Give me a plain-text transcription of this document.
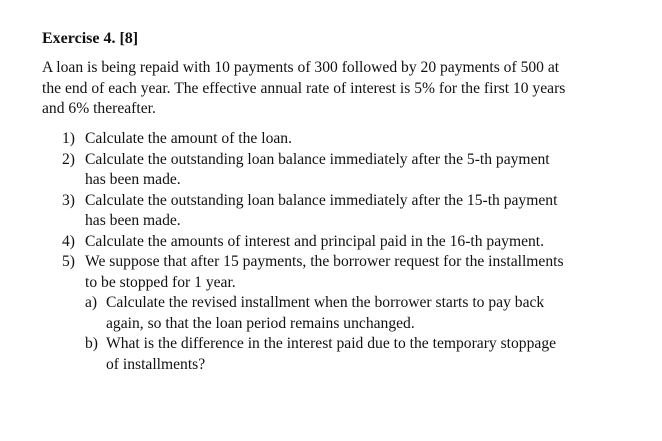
Exercise 4. [8]
A loan is being repaid with 10 payments of 300 followed by 20 payments of 500 at
the end of each year. The effective annual rate of interest is 5% for the first 10 years
and 6% thereafter.
1) Calculate the amount of the loan.
2) Calculate the outstanding loan balance immediately after the 5-th payment
has been made.
3) Calculate the outstanding loan balance immediately after the 15-th payment
has been made.
4) Calculate the amounts of interest and principal paid in the 16-th payment.
5) We suppose that after 15 payments, the borrower request for the installments
to be stopped for 1 year.
a) Calculate the revised installment when the borrower starts to pay back
again, so that the loan period remains unchanged.
b) What is the difference in the interest paid due to the temporary stoppage
of installments?
